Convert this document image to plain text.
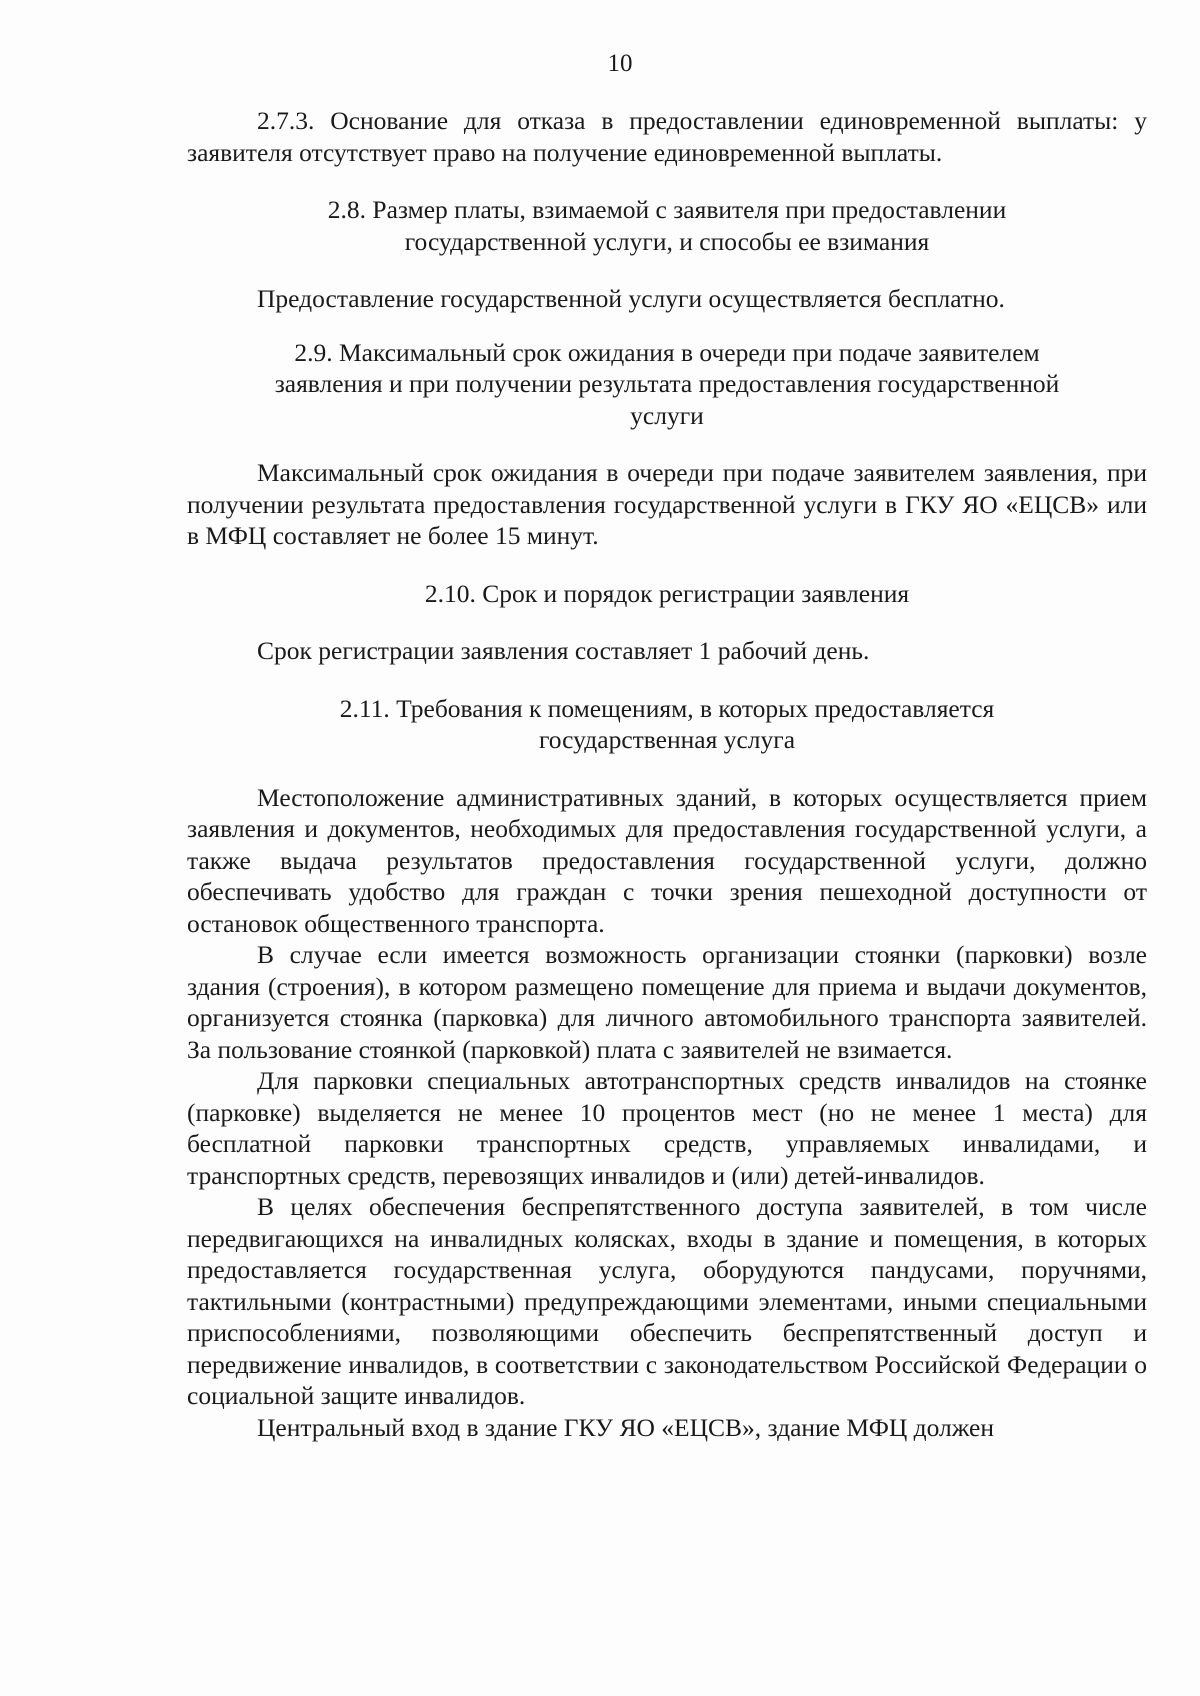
10

2.7.3. Основание для отказа в предоставлении единовременной выплаты: у заявителя отсутствует право на получение единовременной выплаты.

2.8. Размер платы, взимаемой с заявителя при предоставлении государственной услуги, и способы ее взимания

Предоставление государственной услуги осуществляется бесплатно.

2.9. Максимальный срок ожидания в очереди при подаче заявителем заявления и при получении результата предоставления государственной услуги

Максимальный срок ожидания в очереди при подаче заявителем заявления, при получении результата предоставления государственной услуги в ГКУ ЯО «ЕЦСВ» или в МФЦ составляет не более 15 минут.

2.10. Срок и порядок регистрации заявления

Срок регистрации заявления составляет 1 рабочий день.

2.11. Требования к помещениям, в которых предоставляется государственная услуга

Местоположение административных зданий, в которых осуществляется прием заявления и документов, необходимых для предоставления государственной услуги, а также выдача результатов предоставления государственной услуги, должно обеспечивать удобство для граждан с точки зрения пешеходной доступности от остановок общественного транспорта.

В случае если имеется возможность организации стоянки (парковки) возле здания (строения), в котором размещено помещение для приема и выдачи документов, организуется стоянка (парковка) для личного автомобильного транспорта заявителей. За пользование стоянкой (парковкой) плата с заявителей не взимается.

Для парковки специальных автотранспортных средств инвалидов на стоянке (парковке) выделяется не менее 10 процентов мест (но не менее 1 места) для бесплатной парковки транспортных средств, управляемых инвалидами, и транспортных средств, перевозящих инвалидов и (или) детей-инвалидов.

В целях обеспечения беспрепятственного доступа заявителей, в том числе передвигающихся на инвалидных колясках, входы в здание и помещения, в которых предоставляется государственная услуга, оборудуются пандусами, поручнями, тактильными (контрастными) предупреждающими элементами, иными специальными приспособлениями, позволяющими обеспечить беспрепятственный доступ и передвижение инвалидов, в соответствии с законодательством Российской Федерации о социальной защите инвалидов.

Центральный вход в здание ГКУ ЯО «ЕЦСВ», здание МФЦ должен
